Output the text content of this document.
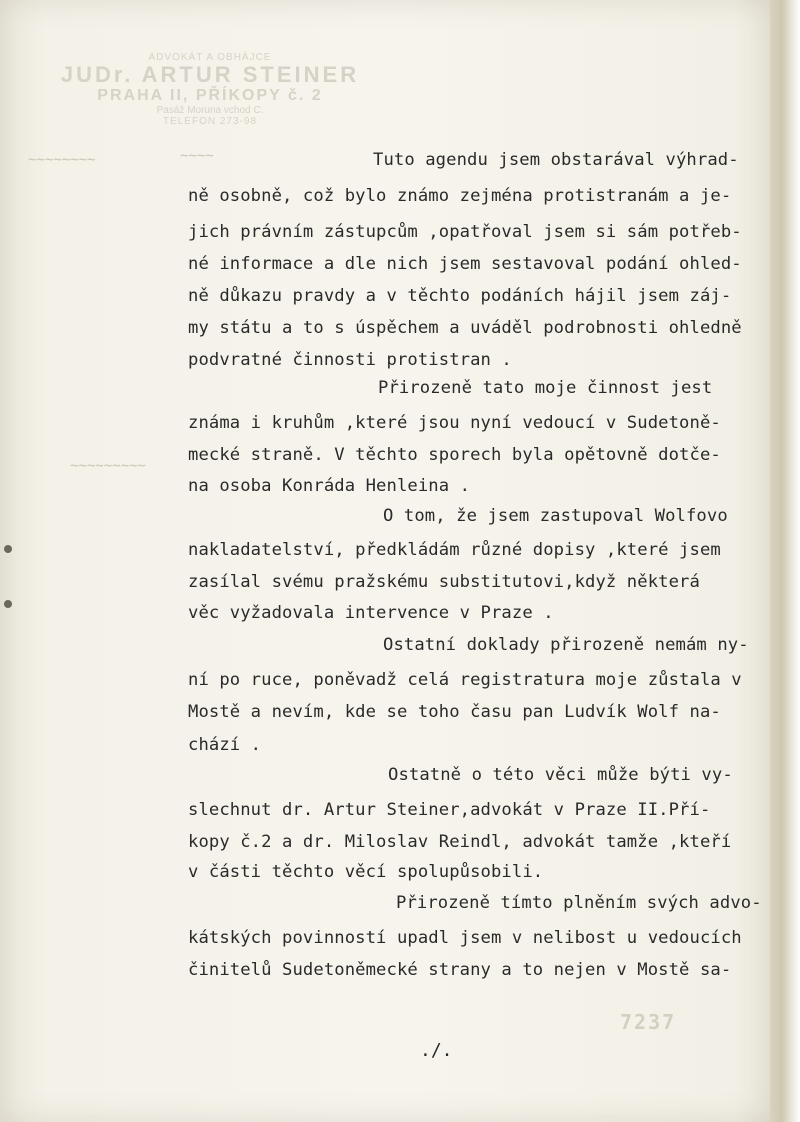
ADVOKÁT A OBHÁJCE
JUDr. ARTUR STEINER
PRAHA II, PŘÍKOPY č. 2
Pasáž Moruna vchod C.
TELEFON 273-98
~~~~~~~~	~~~~
~~~~~~~~~
Tuto agendu jsem obstarával výhrad-
ně osobně, což bylo známo zejména protistranám a je-
jich právním zástupcům ,opatřoval jsem si sám potřeb-
né informace a dle nich jsem sestavoval podání ohled-
ně důkazu pravdy a v těchto podáních hájil jsem záj-
my státu a to s úspěchem a uváděl podrobnosti ohledně
podvratné činnosti protistran .
Přirozeně tato moje činnost jest
známa i kruhům ,které jsou nyní vedoucí v Sudetoně-
mecké straně. V těchto sporech byla opětovně dotče-
na osoba Konráda Henleina .
O tom, že jsem zastupoval Wolfovo
nakladatelství, předkládám různé dopisy ,které jsem
zasílal svému pražskému substitutovi,když některá
věc vyžadovala intervence v Praze .
Ostatní doklady přirozeně nemám ny-
ní po ruce, poněvadž celá registratura moje zůstala v
Mostě a nevím, kde se toho času pan Ludvík Wolf na-
chází .
Ostatně o této věci může býti vy-
slechnut dr. Artur Steiner,advokát v Praze II.Pří-
kopy č.2 a dr. Miloslav Reindl, advokát tamže ,kteří
v části těchto věcí spolupůsobili.
Přirozeně tímto plněním svých advo-
kátských povinností upadl jsem v nelibost u vedoucích
činitelů Sudetoněmecké strany a to nejen v Mostě sa-
7237
./.
